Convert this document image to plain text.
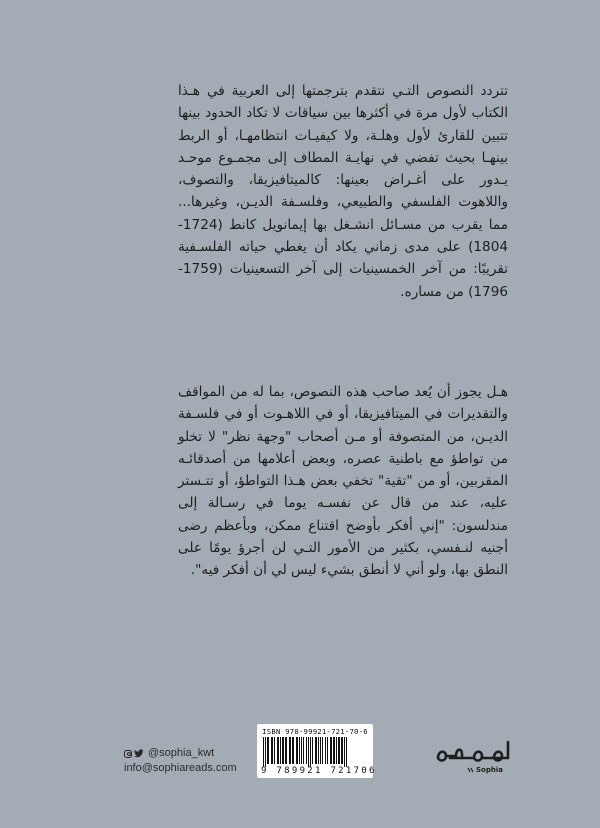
تتردد النصوص التـي نتقدم بترجمتها إلى العربية في هـذا الكتاب لأول مرة في أكثرها بين سياقات لا تكاد الحدود بينها تتبين للقارئ لأول وهلـة، ولا كيفيـات انتظامهـا، أو الربط بينهـا بحيث تفضي في نهايـة المطاف إلى مجمـوع موحـد يـدور على أغـراض بعينها: كالميتافيزيقا، والتصوف، واللاهوت الفلسفي والطبيعي، وفلسـفة الديـن، وغيرها... مما يقرب من مسـائل انشـغل بها إيمانويل كانط (1724-1804) على مدى زماني يكاد أن يغطي حياته الفلسـفية تقريبًا: من آخر الخمسينيات إلى آخر التسعينيات (1759-1796) من مساره.

هـل يجوز أن يُعد صاحب هذه النصوص، بما له من المواقف والتقديرات في الميتافيزيقا، أو في اللاهـوت أو في فلسـفة الديـن، من المتصوفة أو مـن أصحاب "وجهة نظر" لا تخلو من تواطؤ مع باطنية عصره، وبعض أعلامها من أصدقائـه المقربين، أو من "تقية" تخفي بعض هـذا التواطؤ، أو تتـستر عليه، عند من قال عن نفسـه يوما في رسـالة إلى مندلسون: "إني أفكر بأوضح اقتناع ممكن، وبأعظم رضى أجنيه لنـفسي، بكثير من الأمور التـي لن أجرؤ يومًا على النطق بها، ولو أني لا أنطق بشيء ليس لي أن أفكر فيه".

@sophia_kwt
info@sophiareads.com
ISBN 978-99921-721-70-6
9 789921 721706	Sophia
